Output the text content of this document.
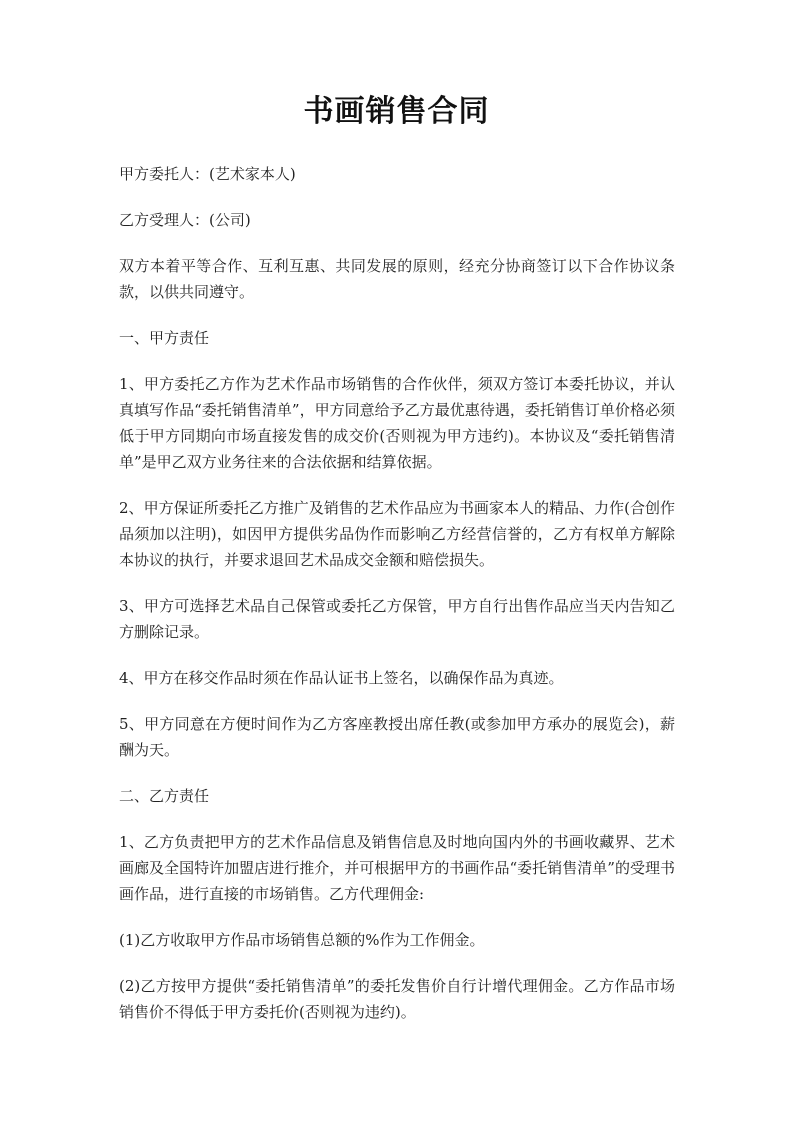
书画销售合同

甲方委托人：(艺术家本人)

乙方受理人：(公司)

双方本着平等合作、互利互惠、共同发展的原则，经充分协商签订以下合作协议条款，以供共同遵守。

一、甲方责任

1、甲方委托乙方作为艺术作品市场销售的合作伙伴，须双方签订本委托协议，并认真填写作品“委托销售清单”，甲方同意给予乙方最优惠待遇，委托销售订单价格必须低于甲方同期向市场直接发售的成交价(否则视为甲方违约)。本协议及“委托销售清单”是甲乙双方业务往来的合法依据和结算依据。

2、甲方保证所委托乙方推广及销售的艺术作品应为书画家本人的精品、力作(合创作品须加以注明)，如因甲方提供劣品伪作而影响乙方经营信誉的，乙方有权单方解除本协议的执行，并要求退回艺术品成交金额和赔偿损失。

3、甲方可选择艺术品自己保管或委托乙方保管，甲方自行出售作品应当天内告知乙方删除记录。

4、甲方在移交作品时须在作品认证书上签名，以确保作品为真迹。

5、甲方同意在方便时间作为乙方客座教授出席任教(或参加甲方承办的展览会)，薪酬为天。

二、乙方责任

1、乙方负责把甲方的艺术作品信息及销售信息及时地向国内外的书画收藏界、艺术画廊及全国特许加盟店进行推介，并可根据甲方的书画作品“委托销售清单”的受理书画作品，进行直接的市场销售。乙方代理佣金:

(1)乙方收取甲方作品市场销售总额的%作为工作佣金。

(2)乙方按甲方提供“委托销售清单”的委托发售价自行计增代理佣金。乙方作品市场销售价不得低于甲方委托价(否则视为违约)。
